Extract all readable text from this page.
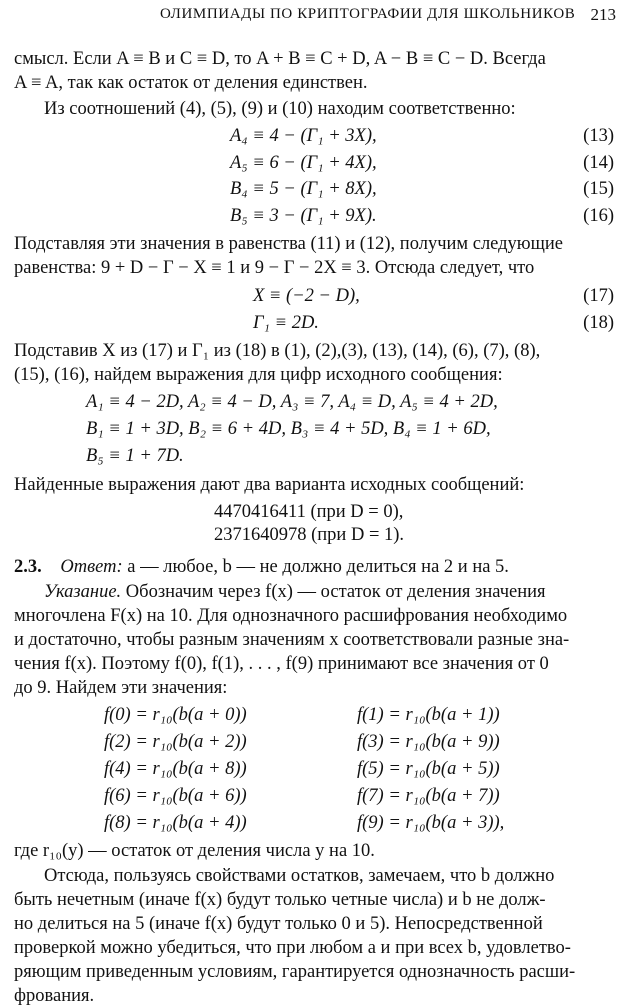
ОЛИМПИАДЫ ПО КРИПТОГРАФИИ ДЛЯ ШКОЛЬНИКОВ 213
смысл. Если A ≡ B и C ≡ D, то A + B ≡ C + D, A − B ≡ C − D. Всегда
A ≡ A, так как остаток от деления единствен.
Из соотношений (4), (5), (9) и (10) находим соответственно:
A₄ ≡ 4 − (Γ₁ + 3X),	(13)
A₅ ≡ 6 − (Γ₁ + 4X),	(14)
B₄ ≡ 5 − (Γ₁ + 8X),	(15)
B₅ ≡ 3 − (Γ₁ + 9X).	(16)
Подставляя эти значения в равенства (11) и (12), получим следующие
равенства: 9 + D − Γ − X ≡ 1 и 9 − Γ − 2X ≡ 3. Отсюда следует, что
X ≡ (−2 − D),	(17)
Γ₁ ≡ 2D.	(18)
Подставив X из (17) и Γ₁ из (18) в (1), (2),(3), (13), (14), (6), (7), (8),
(15), (16), найдем выражения для цифр исходного сообщения:
A₁ ≡ 4 − 2D, A₂ ≡ 4 − D, A₃ ≡ 7, A₄ ≡ D, A₅ ≡ 4 + 2D,
B₁ ≡ 1 + 3D, B₂ ≡ 6 + 4D, B₃ ≡ 4 + 5D, B₄ ≡ 1 + 6D,
B₅ ≡ 1 + 7D.
Найденные выражения дают два варианта исходных сообщений:
4470416411 (при D = 0),
2371640978 (при D = 1).
2.3. Ответ: a — любое, b — не должно делиться на 2 и на 5.
Указание. Обозначим через f(x) — остаток от деления значения
многочлена F(x) на 10. Для однозначного расшифрования необходимо
и достаточно, чтобы разным значениям x соответствовали разные зна-
чения f(x). Поэтому f(0), f(1), . . . , f(9) принимают все значения от 0
до 9. Найдем эти значения:
f(0) = r₁₀(b(a + 0))	f(1) = r₁₀(b(a + 1))
f(2) = r₁₀(b(a + 2))	f(3) = r₁₀(b(a + 9))
f(4) = r₁₀(b(a + 8))	f(5) = r₁₀(b(a + 5))
f(6) = r₁₀(b(a + 6))	f(7) = r₁₀(b(a + 7))
f(8) = r₁₀(b(a + 4))	f(9) = r₁₀(b(a + 3)),
где r₁₀(y) — остаток от деления числа y на 10.
Отсюда, пользуясь свойствами остатков, замечаем, что b должно
быть нечетным (иначе f(x) будут только четные числа) и b не долж-
но делиться на 5 (иначе f(x) будут только 0 и 5). Непосредственной
проверкой можно убедиться, что при любом a и при всех b, удовлетво-
ряющим приведенным условиям, гарантируется однозначность расши-
фрования.
